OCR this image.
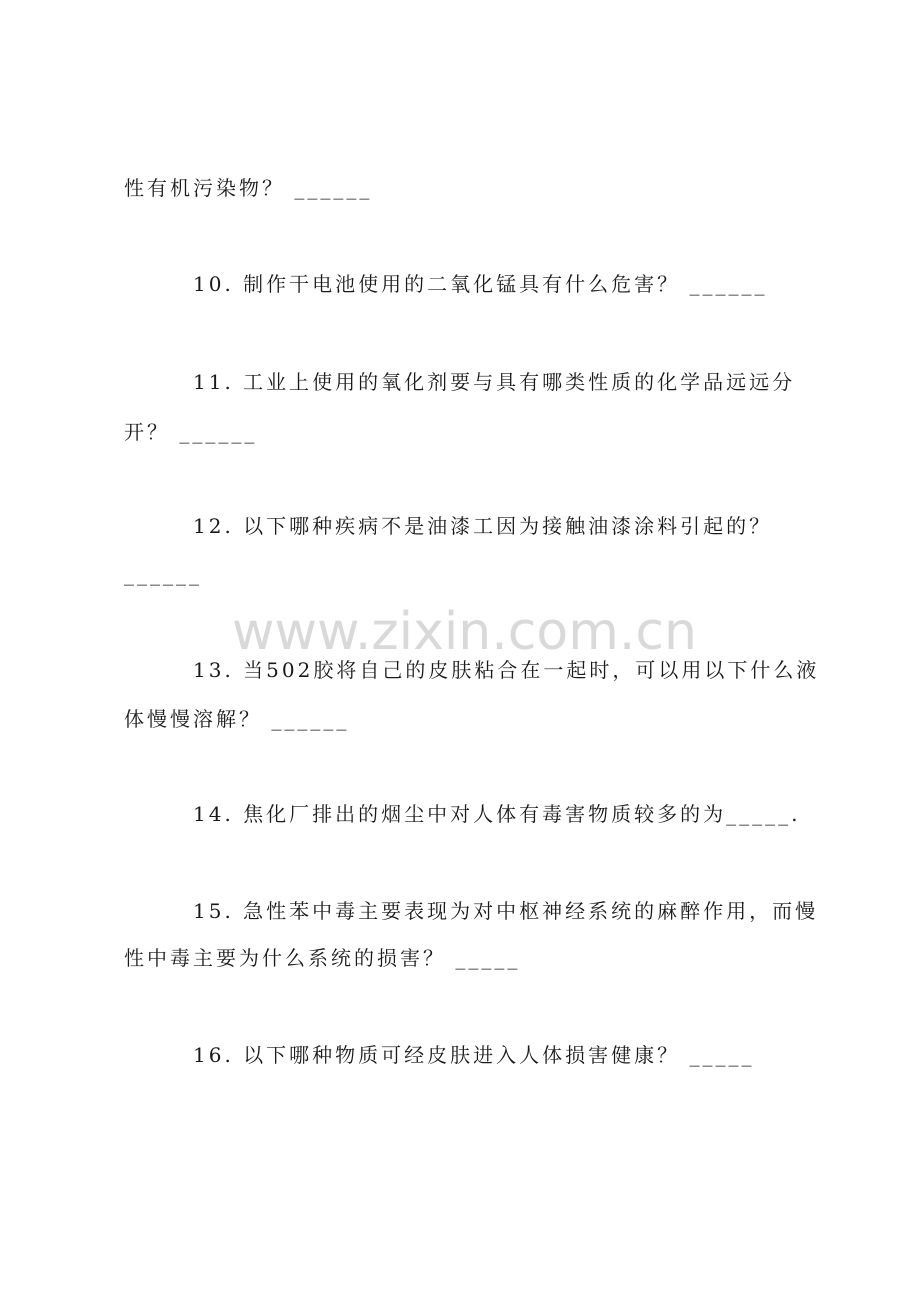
www.zixin.com.cn
性有机污染物？ ______
10. 制作干电池使用的二氧化锰具有什么危害？ ______
11. 工业上使用的氧化剂要与具有哪类性质的化学品远远分
开？ ______
12. 以下哪种疾病不是油漆工因为接触油漆涂料引起的？
______
13. 当502胶将自己的皮肤粘合在一起时，可以用以下什么液
体慢慢溶解？ ______
14. 焦化厂排出的烟尘中对人体有毒害物质较多的为_____.
15. 急性苯中毒主要表现为对中枢神经系统的麻醉作用，而慢
性中毒主要为什么系统的损害？ _____
16. 以下哪种物质可经皮肤进入人体损害健康？ _____
